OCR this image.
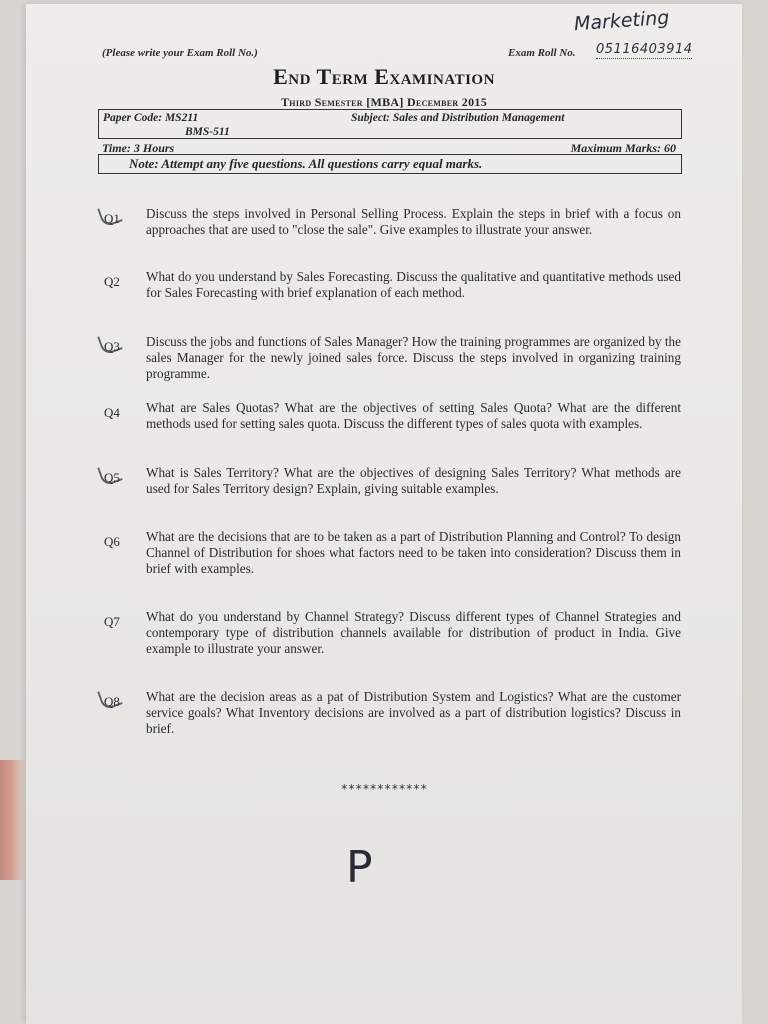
Marketing
(Please write your Exam Roll No.)	Exam Roll No. 05116403914
End Term Examination
Third Semester [MBA] December 2015
Paper Code: MS211
BMS-511
Subject: Sales and Distribution Management
Time: 3 Hours	Maximum Marks: 60
Note: Attempt any five questions. All questions carry equal marks.
Q1 Discuss the steps involved in Personal Selling Process. Explain the steps in brief with a focus on approaches that are used to "close the sale". Give examples to illustrate your answer.
Q2 What do you understand by Sales Forecasting. Discuss the qualitative and quantitative methods used for Sales Forecasting with brief explanation of each method.
Q3 Discuss the jobs and functions of Sales Manager? How the training programmes are organized by the sales Manager for the newly joined sales force. Discuss the steps involved in organizing training programme.
Q4 What are Sales Quotas? What are the objectives of setting Sales Quota? What are the different methods used for setting sales quota. Discuss the different types of sales quota with examples.
Q5 What is Sales Territory? What are the objectives of designing Sales Territory? What methods are used for Sales Territory design? Explain, giving suitable examples.
Q6 What are the decisions that are to be taken as a part of Distribution Planning and Control? To design Channel of Distribution for shoes what factors need to be taken into consideration? Discuss them in brief with examples.
Q7 What do you understand by Channel Strategy? Discuss different types of Channel Strategies and contemporary type of distribution channels available for distribution of product in India. Give example to illustrate your answer.
Q8 What are the decision areas as a pat of Distribution System and Logistics? What are the customer service goals? What Inventory decisions are involved as a part of distribution logistics? Discuss in brief.
************
P
